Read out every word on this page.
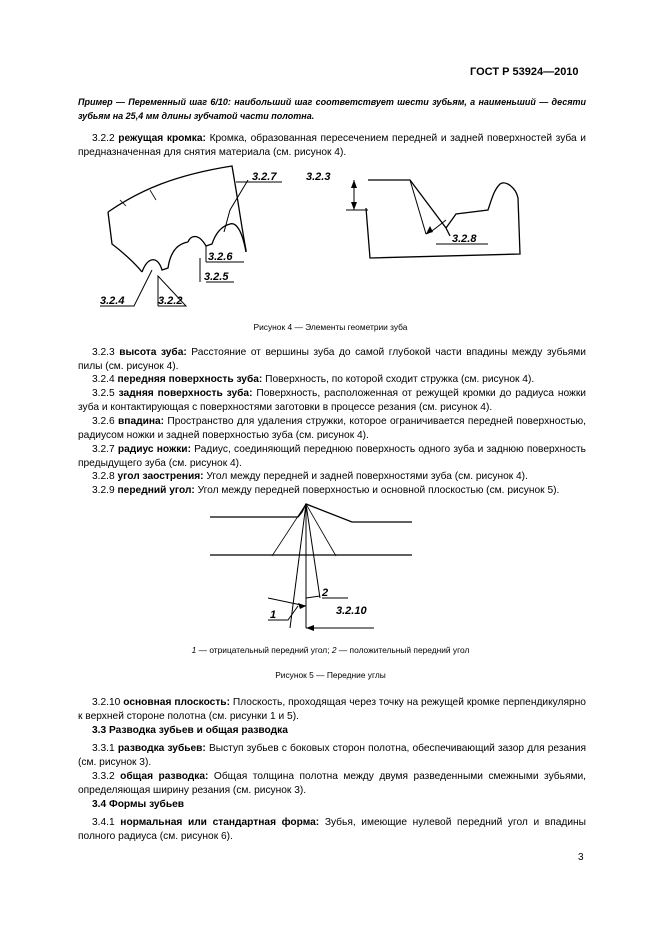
ГОСТ Р 53924—2010
Пример — Переменный шаг 6/10: наибольший шаг соответствует шести зубьям, а наименьший — десяти зубьям на 25,4 мм длины зубчатой части полотна.
3.2.2 режущая кромка: Кромка, образованная пересечением передней и задней поверхностей зуба и предназначенная для снятия материала (см. рисунок 4).
3.2.7	3.2.3
3.2.6
3.2.5
3.2.8
3.2.4	3.2.2
Рисунок 4 — Элементы геометрии зуба
3.2.3 высота зуба: Расстояние от вершины зуба до самой глубокой части впадины между зубьями пилы (см. рисунок 4).
3.2.4 передняя поверхность зуба: Поверхность, по которой сходит стружка (см. рисунок 4).
3.2.5 задняя поверхность зуба: Поверхность, расположенная от режущей кромки до радиуса ножки зуба и контактирующая с поверхностями заготовки в процессе резания (см. рисунок 4).
3.2.6 впадина: Пространство для удаления стружки, которое ограничивается передней поверхностью, радиусом ножки и задней поверхностью зуба (см. рисунок 4).
3.2.7 радиус ножки: Радиус, соединяющий переднюю поверхность одного зуба и заднюю поверхность предыдущего зуба (см. рисунок 4).
3.2.8 угол заострения: Угол между передней и задней поверхностями зуба (см. рисунок 4).
3.2.9 передний угол: Угол между передней поверхностью и основной плоскостью (см. рисунок 5).
1
2
3.2.10
1 — отрицательный передний угол; 2 — положительный передний угол
Рисунок 5 — Передние углы
3.2.10 основная плоскость: Плоскость, проходящая через точку на режущей кромке перпендикулярно к верхней стороне полотна (см. рисунки 1 и 5).
3.3 Разводка зубьев и общая разводка
3.3.1 разводка зубьев: Выступ зубьев с боковых сторон полотна, обеспечивающий зазор для резания (см. рисунок 3).
3.3.2 общая разводка: Общая толщина полотна между двумя разведенными смежными зубьями, определяющая ширину резания (см. рисунок 3).
3.4 Формы зубьев
3.4.1 нормальная или стандартная форма: Зубья, имеющие нулевой передний угол и впадины полного радиуса (см. рисунок 6).
3
